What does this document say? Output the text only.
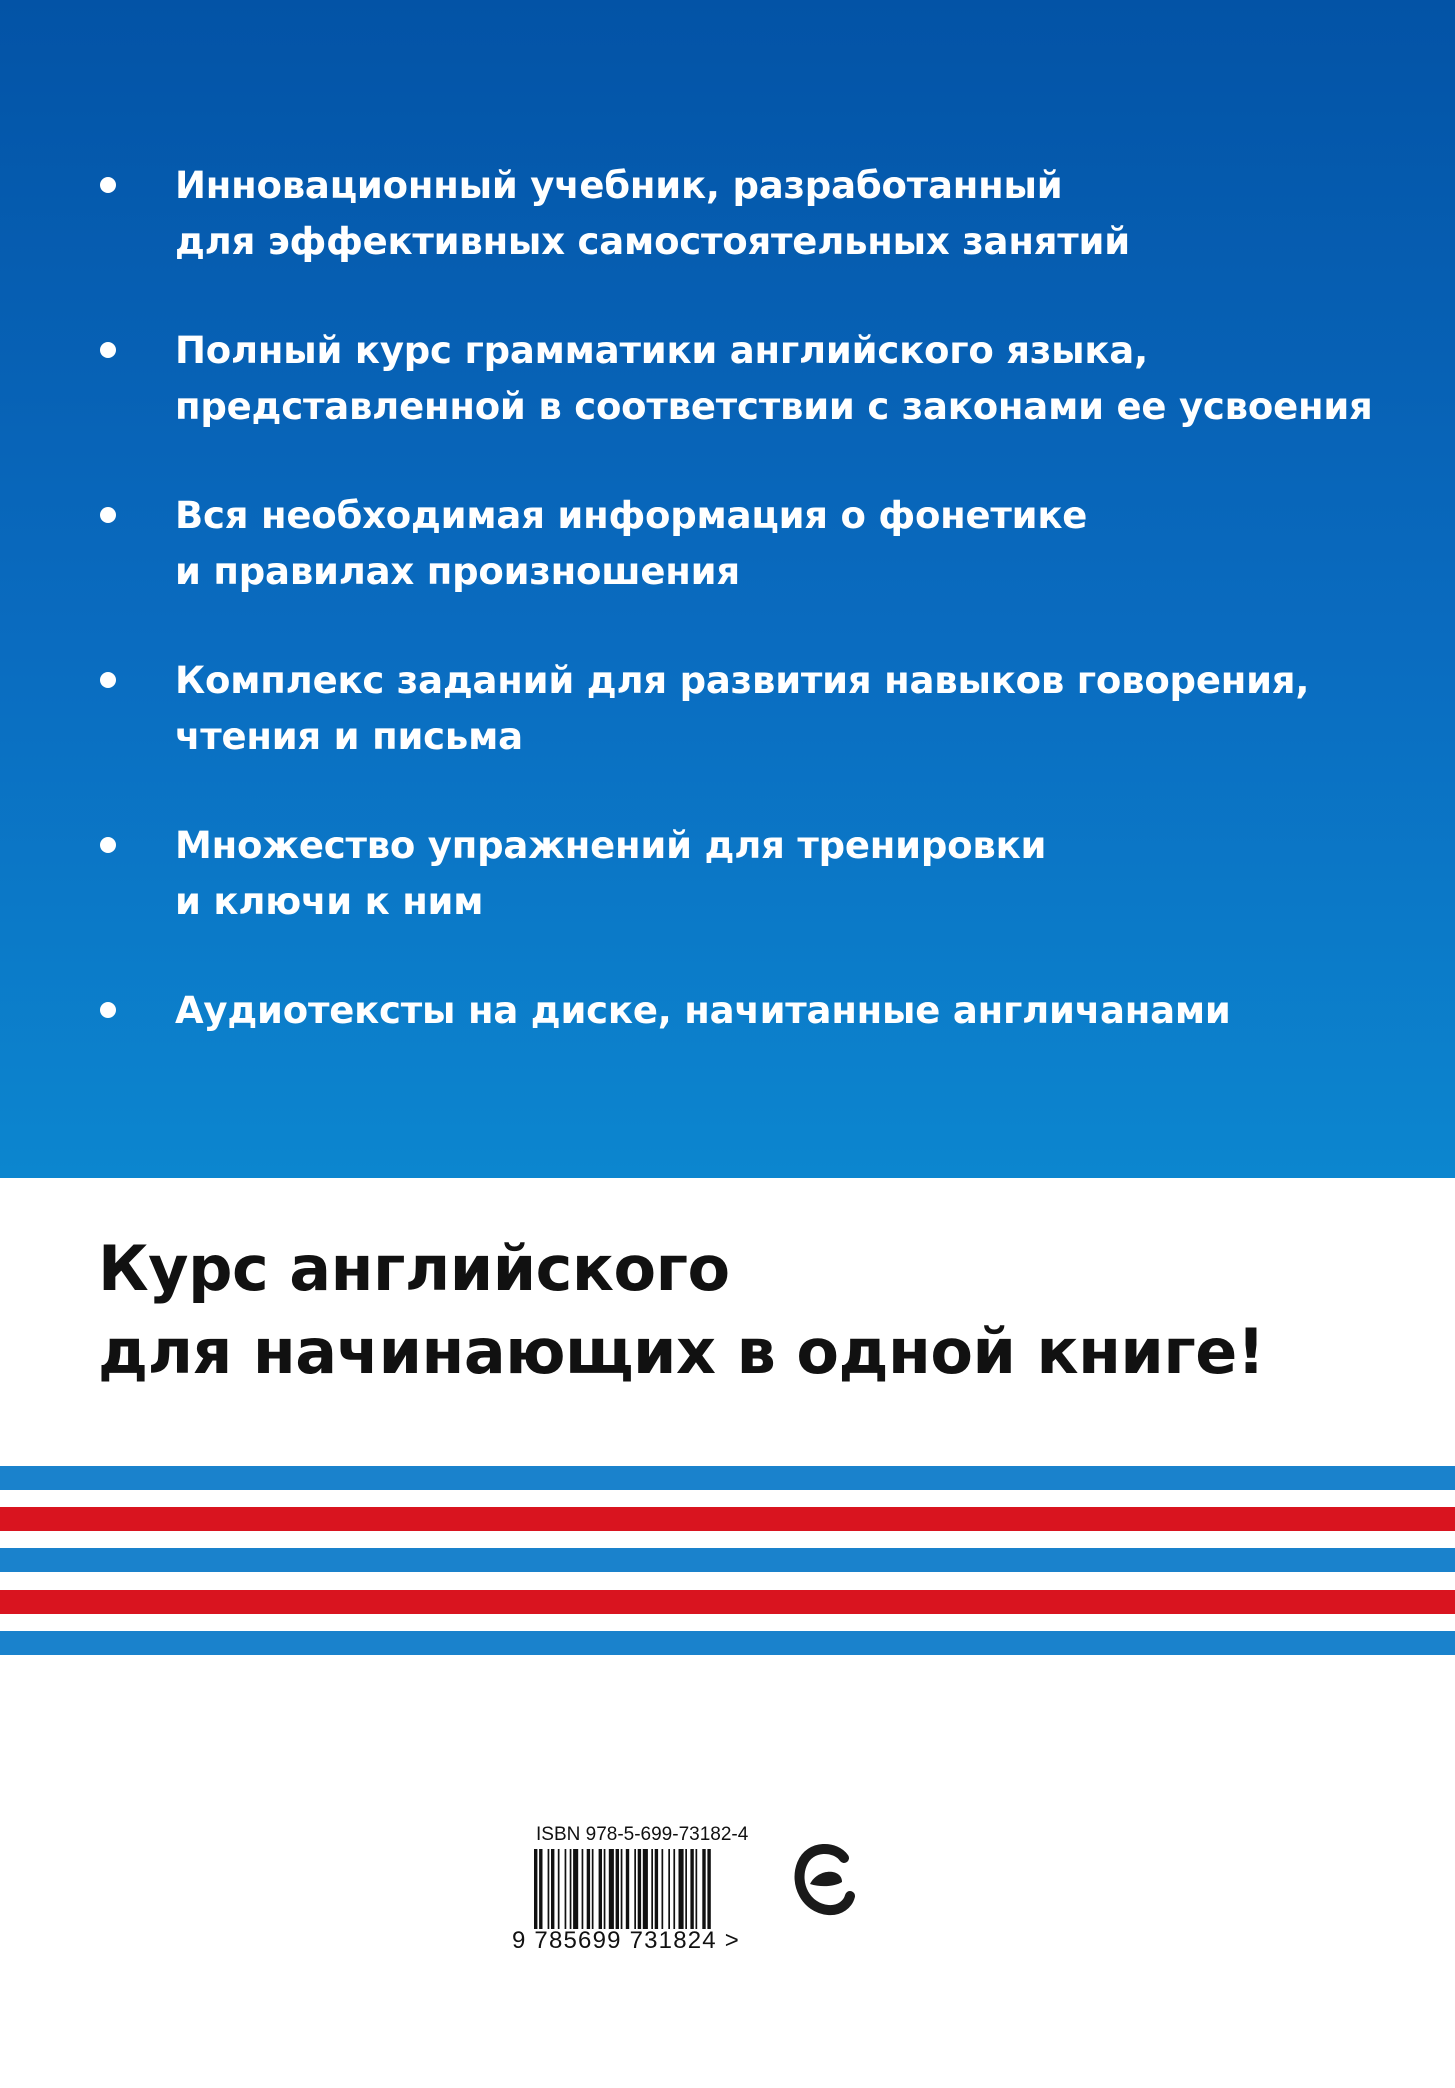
Инновационный учебник, разработанный
для эффективных самостоятельных занятий
Полный курс грамматики английского языка,
представленной в соответствии с законами ее усвоения
Вся необходимая информация о фонетике
и правилах произношения
Комплекс заданий для развития навыков говорения,
чтения и письма
Множество упражнений для тренировки
и ключи к ним
Аудиотексты на диске, начитанные англичанами
Курс английского
для начинающих в одной книге!
ISBN 978-5-699-73182-4
9 785699 731824 >
